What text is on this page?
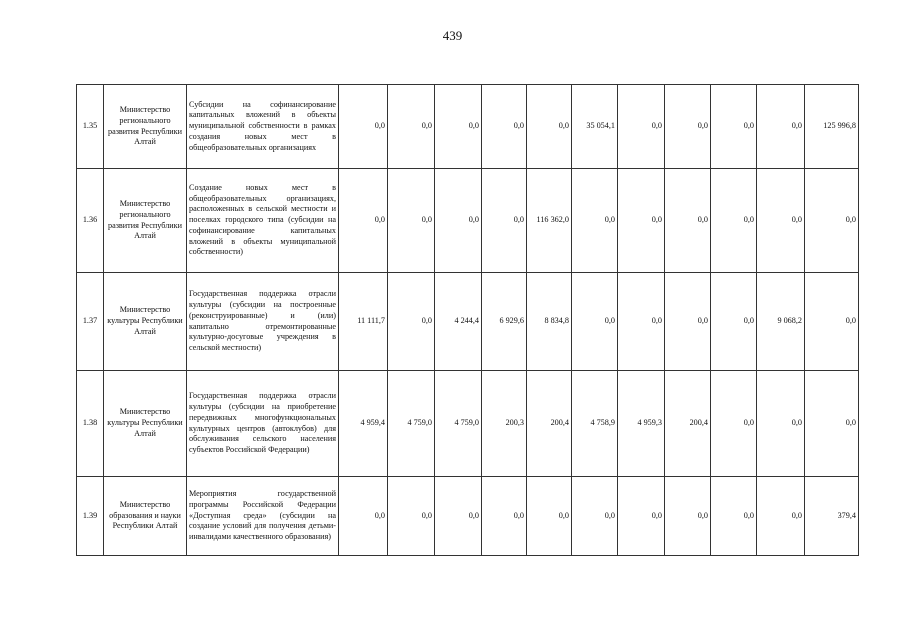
439
1.35	Министерство регионального развития Республики Алтай	Субсидии на софинансирование капитальных вложений в объекты муниципальной собственности в рамках создания новых мест в общеобразовательных организациях	0,0	0,0	0,0	0,0	0,0	35 054,1	0,0	0,0	0,0	0,0	125 996,8
1.36	Министерство регионального развития Республики Алтай	Создание новых мест в общеобразовательных организациях, расположенных в сельской местности и поселках городского типа (субсидии на софинансирование капитальных вложений в объекты муниципальной собственности)	0,0	0,0	0,0	0,0	116 362,0	0,0	0,0	0,0	0,0	0,0	0,0
1.37	Министерство культуры Республики Алтай	Государственная поддержка отрасли культуры (субсидии на построенные (реконструированные) и (или) капитально отремонтированные культурно-досуговые учреждения в сельской местности)	11 111,7	0,0	4 244,4	6 929,6	8 834,8	0,0	0,0	0,0	0,0	9 068,2	0,0
1.38	Министерство культуры Республики Алтай	Государственная поддержка отрасли культуры (субсидии на приобретение передвижных многофункциональных культурных центров (автоклубов) для обслуживания сельского населения субъектов Российской Федерации)	4 959,4	4 759,0	4 759,0	200,3	200,4	4 758,9	4 959,3	200,4	0,0	0,0	0,0
1.39	Министерство образования и науки Республики Алтай	Мероприятия государственной программы Российской Федерации «Доступная среда» (субсидии на создание условий для получения детьми-инвалидами качественного образования)	0,0	0,0	0,0	0,0	0,0	0,0	0,0	0,0	0,0	0,0	379,4
